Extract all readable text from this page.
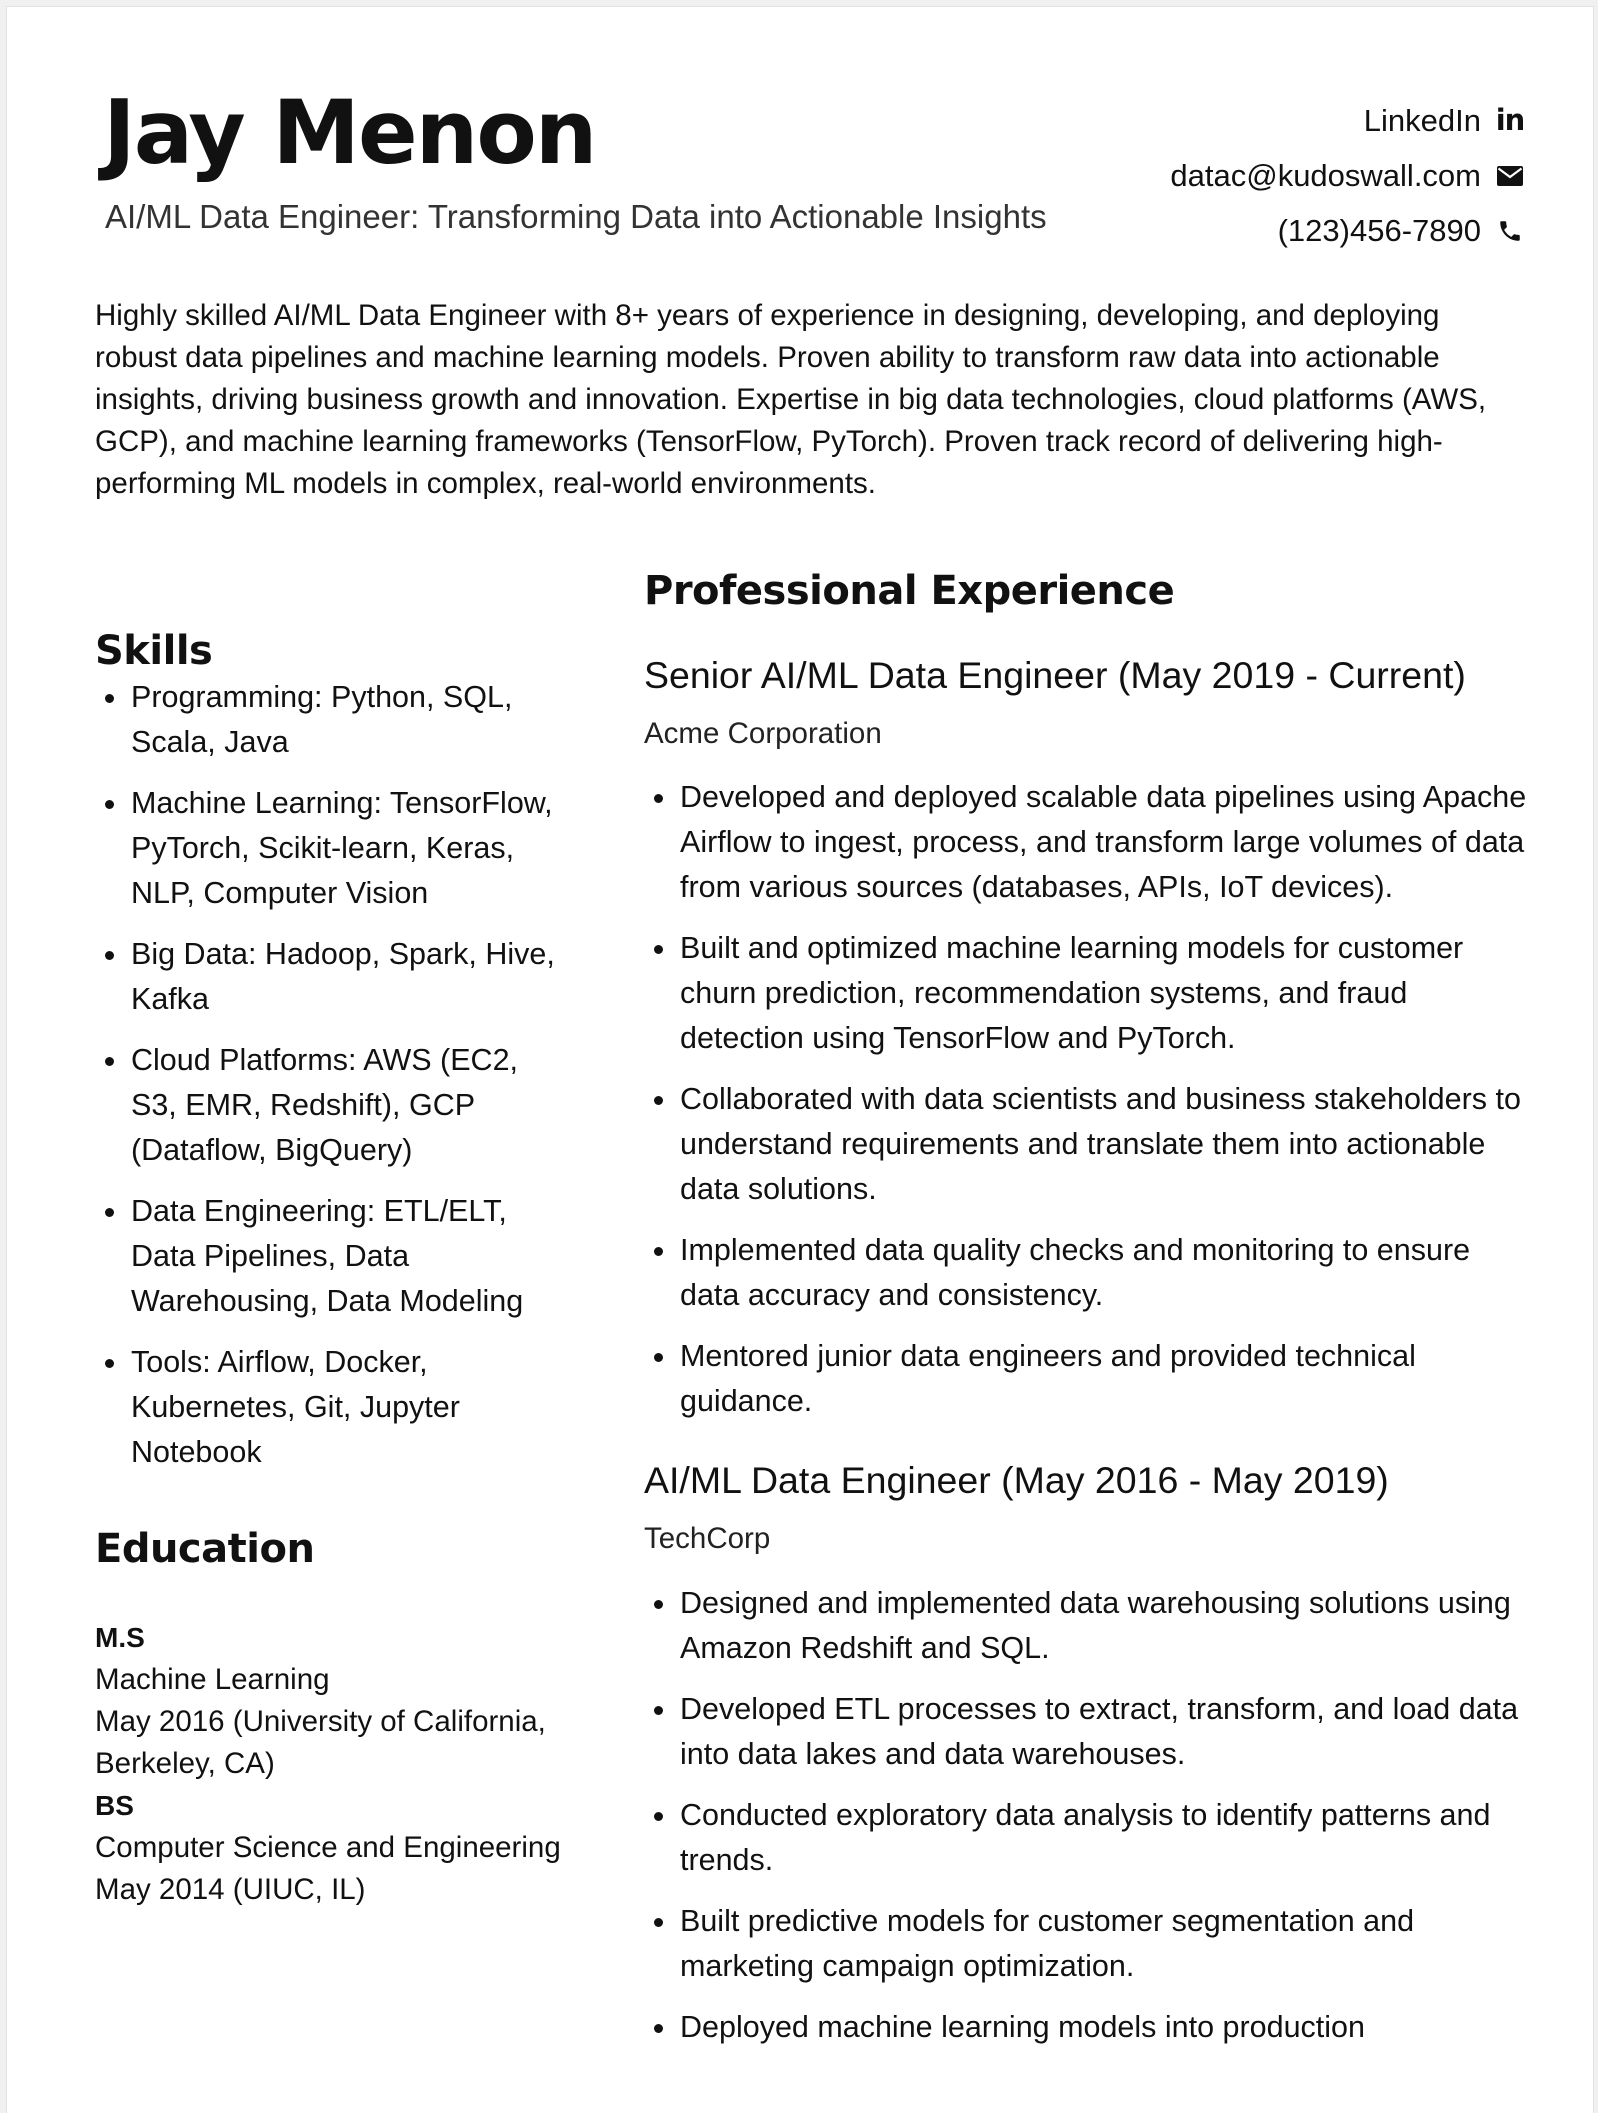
Jay Menon
AI/ML Data Engineer: Transforming Data into Actionable Insights
LinkedIn in
datac@kudoswall.com
(123)456-7890

Highly skilled AI/ML Data Engineer with 8+ years of experience in designing, developing, and deploying robust data pipelines and machine learning models. Proven ability to transform raw data into actionable insights, driving business growth and innovation. Expertise in big data technologies, cloud platforms (AWS, GCP), and machine learning frameworks (TensorFlow, PyTorch). Proven track record of delivering high-performing ML models in complex, real-world environments.

Skills
Programming: Python, SQL, Scala, Java
Machine Learning: TensorFlow, PyTorch, Scikit-learn, Keras, NLP, Computer Vision
Big Data: Hadoop, Spark, Hive, Kafka
Cloud Platforms: AWS (EC2, S3, EMR, Redshift), GCP (Dataflow, BigQuery)
Data Engineering: ETL/ELT, Data Pipelines, Data Warehousing, Data Modeling
Tools: Airflow, Docker, Kubernetes, Git, Jupyter Notebook
Education
M.S
Machine Learning
May 2016 (University of California, Berkeley, CA)
BS
Computer Science and Engineering
May 2014 (UIUC, IL)
Professional Experience
Senior AI/ML Data Engineer (May 2019 - Current)
Acme Corporation
Developed and deployed scalable data pipelines using Apache Airflow to ingest, process, and transform large volumes of data from various sources (databases, APIs, IoT devices).
Built and optimized machine learning models for customer churn prediction, recommendation systems, and fraud detection using TensorFlow and PyTorch.
Collaborated with data scientists and business stakeholders to understand requirements and translate them into actionable data solutions.
Implemented data quality checks and monitoring to ensure data accuracy and consistency.
Mentored junior data engineers and provided technical guidance.
AI/ML Data Engineer (May 2016 - May 2019)
TechCorp
Designed and implemented data warehousing solutions using Amazon Redshift and SQL.
Developed ETL processes to extract, transform, and load data into data lakes and data warehouses.
Conducted exploratory data analysis to identify patterns and trends.
Built predictive models for customer segmentation and marketing campaign optimization.
Deployed machine learning models into production
